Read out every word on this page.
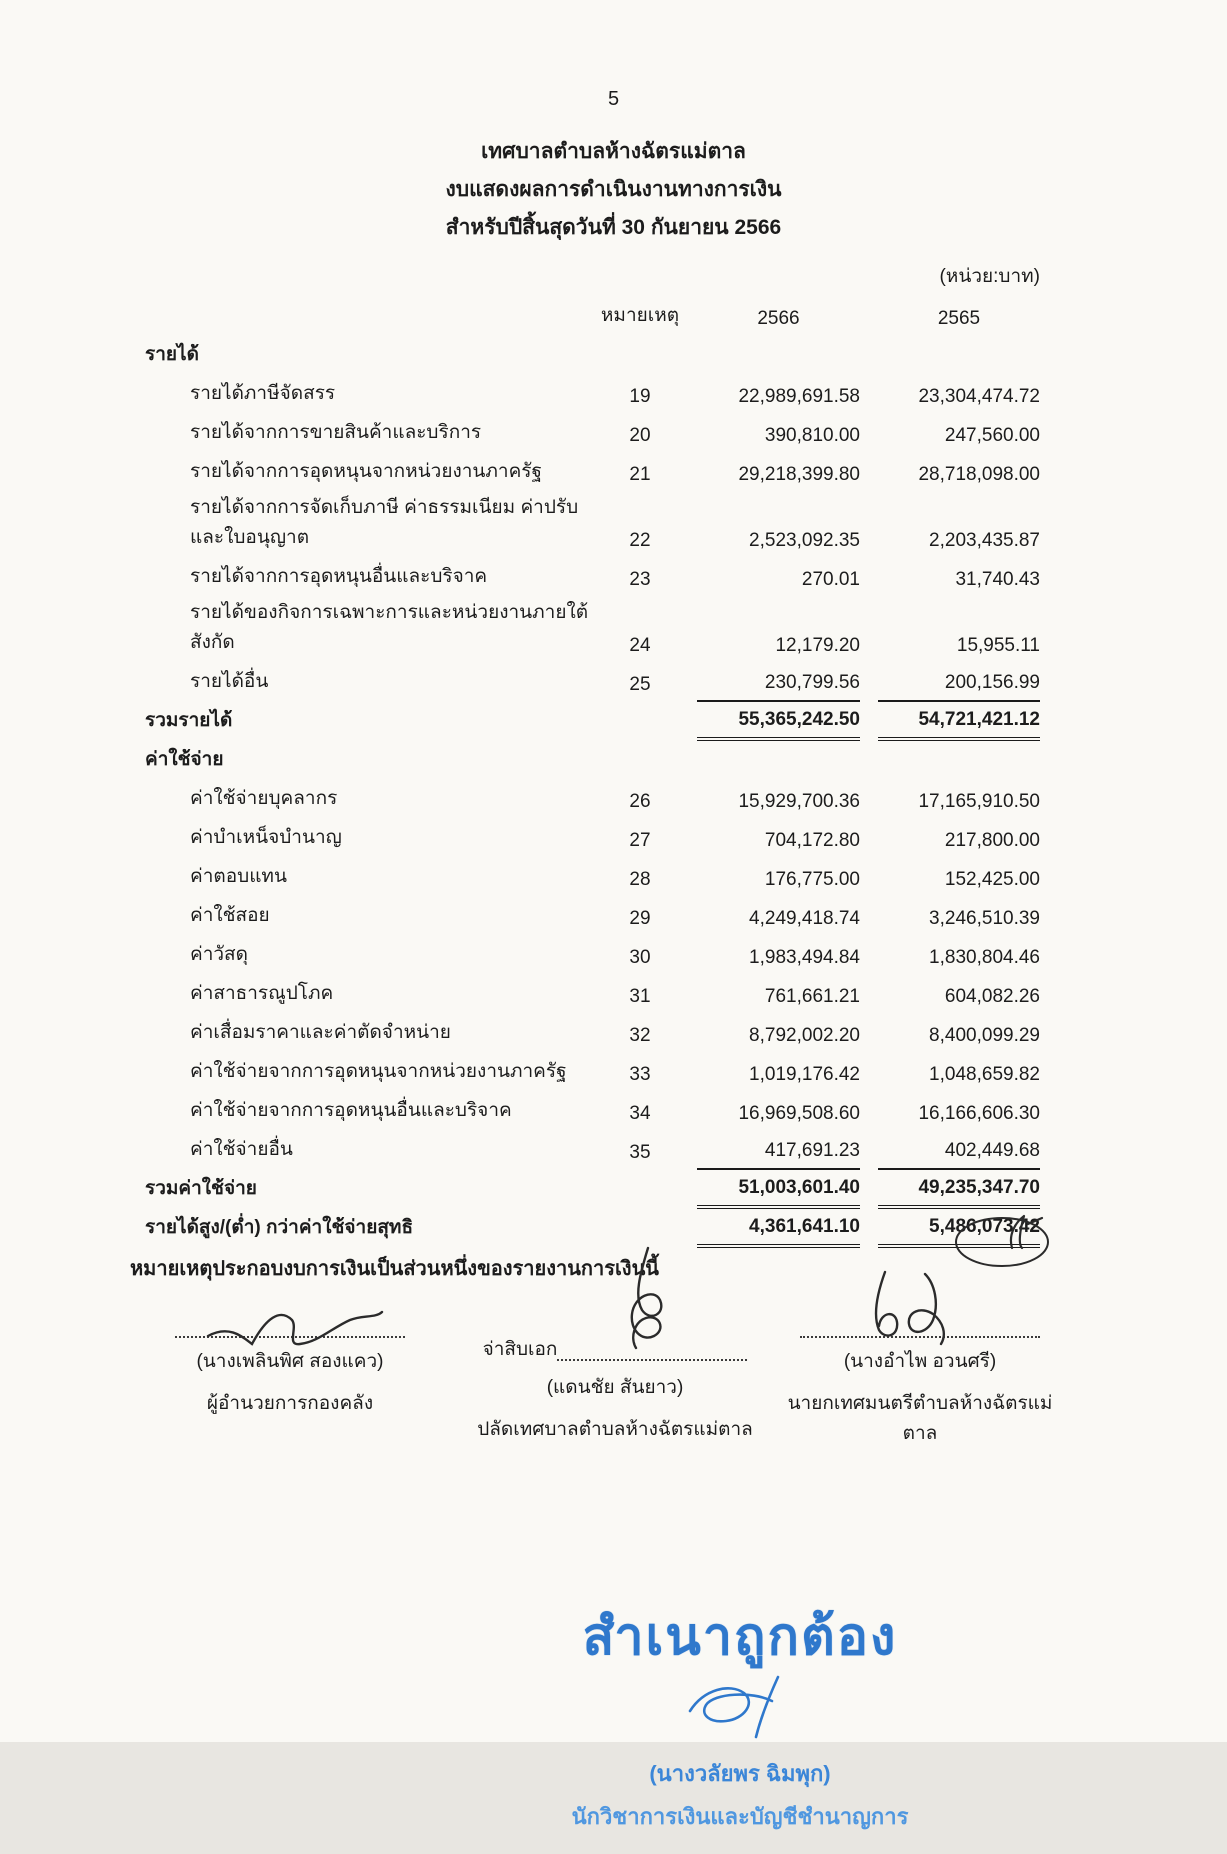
5
เทศบาลตำบลห้างฉัตรแม่ตาล
งบแสดงผลการดำเนินงานทางการเงิน
สำหรับปีสิ้นสุดวันที่ 30 กันยายน 2566
(หน่วย:บาท)
หมายเหตุ	2566	2565
รายได้
รายได้ภาษีจัดสรร	19	22,989,691.58	23,304,474.72
รายได้จากการขายสินค้าและบริการ	20	390,810.00	247,560.00
รายได้จากการอุดหนุนจากหน่วยงานภาครัฐ	21	29,218,399.80	28,718,098.00
รายได้จากการจัดเก็บภาษี ค่าธรรมเนียม ค่าปรับ และใบอนุญาต	22	2,523,092.35	2,203,435.87
รายได้จากการอุดหนุนอื่นและบริจาค	23	270.01	31,740.43
รายได้ของกิจการเฉพาะการและหน่วยงานภายใต้สังกัด	24	12,179.20	15,955.11
รายได้อื่น	25	230,799.56	200,156.99
รวมรายได้	55,365,242.50	54,721,421.12
ค่าใช้จ่าย
ค่าใช้จ่ายบุคลากร	26	15,929,700.36	17,165,910.50
ค่าบำเหน็จบำนาญ	27	704,172.80	217,800.00
ค่าตอบแทน	28	176,775.00	152,425.00
ค่าใช้สอย	29	4,249,418.74	3,246,510.39
ค่าวัสดุ	30	1,983,494.84	1,830,804.46
ค่าสาธารณูปโภค	31	761,661.21	604,082.26
ค่าเสื่อมราคาและค่าตัดจำหน่าย	32	8,792,002.20	8,400,099.29
ค่าใช้จ่ายจากการอุดหนุนจากหน่วยงานภาครัฐ	33	1,019,176.42	1,048,659.82
ค่าใช้จ่ายจากการอุดหนุนอื่นและบริจาค	34	16,969,508.60	16,166,606.30
ค่าใช้จ่ายอื่น	35	417,691.23	402,449.68
รวมค่าใช้จ่าย	51,003,601.40	49,235,347.70
รายได้สูง/(ต่ำ) กว่าค่าใช้จ่ายสุทธิ	4,361,641.10	5,486,073.42
หมายเหตุประกอบงบการเงินเป็นส่วนหนึ่งของรายงานการเงินนี้
(นางเพลินพิศ สองแคว)
ผู้อำนวยการกองคลัง
จ่าสิบเอก
(แดนชัย สันยาว)
ปลัดเทศบาลตำบลห้างฉัตรแม่ตาล
(นางอำไพ อวนศรี)
นายกเทศมนตรีตำบลห้างฉัตรแม่ตาล
สำเนาถูกต้อง
(นางวลัยพร ฉิมพุก)
นักวิชาการเงินและบัญชีชำนาญการ
